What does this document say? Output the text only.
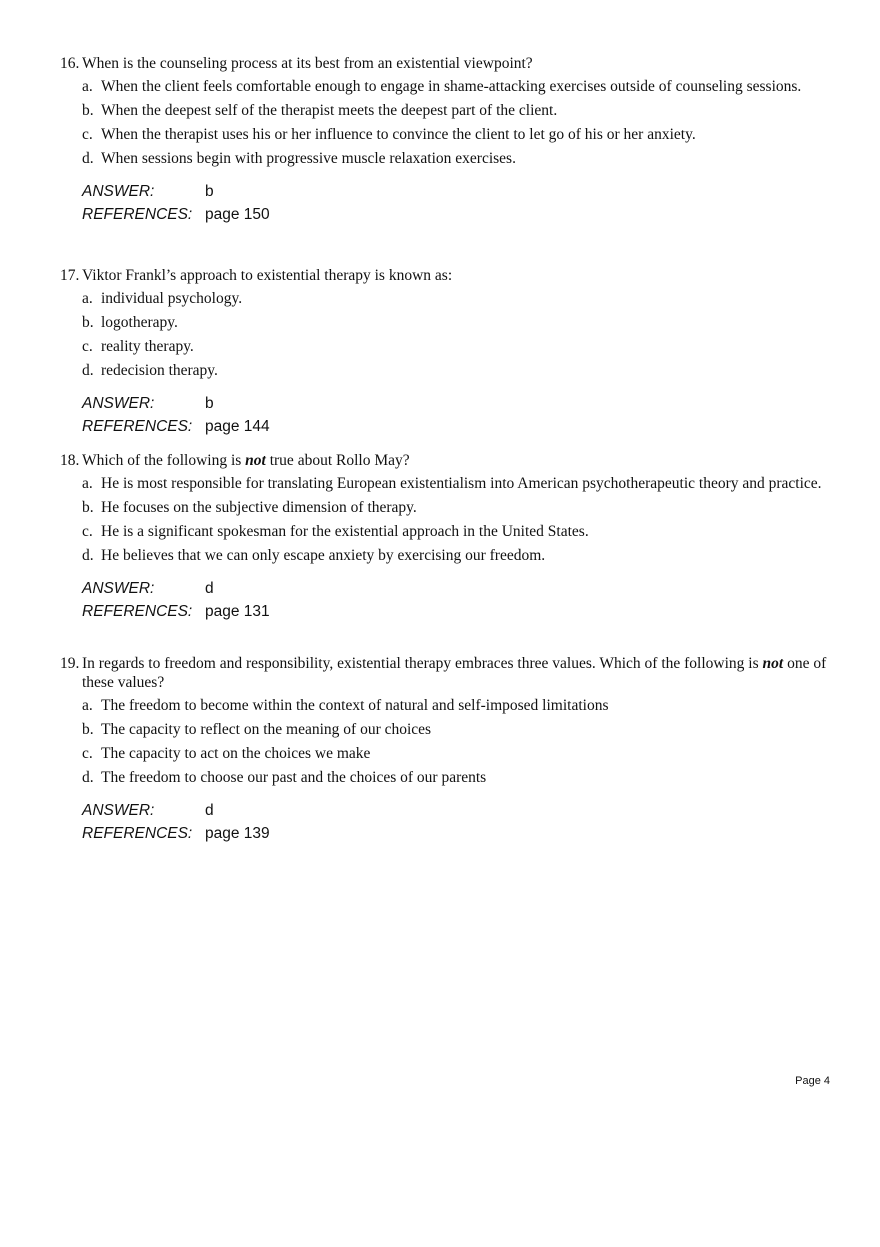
16. When is the counseling process at its best from an existential viewpoint?

a. When the client feels comfortable enough to engage in shame-attacking exercises outside of counseling sessions.
b. When the deepest self of the therapist meets the deepest part of the client.
c. When the therapist uses his or her influence to convince the client to let go of his or her anxiety.
d. When sessions begin with progressive muscle relaxation exercises.
ANSWER:	b
REFERENCES: page 150

17. Viktor Frankl’s approach to existential therapy is known as:

a. individual psychology.
b. logotherapy.
c. reality therapy.
d. redecision therapy.
ANSWER:	b
REFERENCES: page 144

18. Which of the following is not true about Rollo May?

a. He is most responsible for translating European existentialism into American psychotherapeutic theory and practice.
b. He focuses on the subjective dimension of therapy.
c. He is a significant spokesman for the existential approach in the United States.
d. He believes that we can only escape anxiety by exercising our freedom.
ANSWER:	d
REFERENCES: page 131

19. In regards to freedom and responsibility, existential therapy embraces three values. Which of the following is not one of these values?

a. The freedom to become within the context of natural and self-imposed limitations
b. The capacity to reflect on the meaning of our choices
c. The capacity to act on the choices we make
d. The freedom to choose our past and the choices of our parents
ANSWER:	d
REFERENCES: page 139
Page 4
